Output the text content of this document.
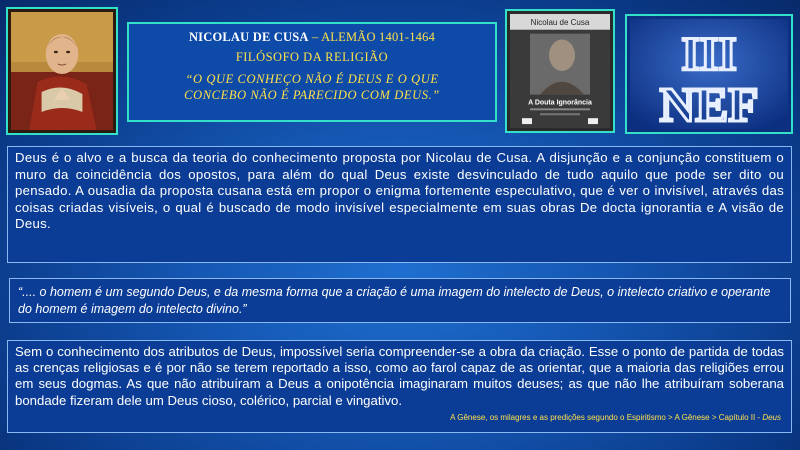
NICOLAU DE CUSA – ALEMÃO 1401-1464
FILÓSOFO DA RELIGIÃO
“O QUE CONHEÇO NÃO É DEUS E O QUE
CONCEBO NÃO É PARECIDO COM DEUS.”
Nicolau de Cusa
A Douta Ignorância
III
NEF
Deus é o alvo e a busca da teoria do conhecimento proposta por Nicolau de Cusa. A disjunção e a conjunção constituem o muro da coincidência dos opostos, para além do qual Deus existe desvinculado de tudo aquilo que pode ser dito ou pensado. A ousadia da proposta cusana está em propor o enigma fortemente especulativo, que é ver o invisível, através das coisas criadas visíveis, o qual é buscado de modo invisível especialmente em suas obras De docta ignorantia e A visão de Deus.
“.... o homem é um segundo Deus, e da mesma forma que a criação é uma imagem do intelecto de Deus, o intelecto criativo e operante do homem é imagem do intelecto divino.”
Sem o conhecimento dos atributos de Deus, impossível seria compreender-se a obra da criação. Esse o ponto de partida de todas as crenças religiosas e é por não se terem reportado a isso, como ao farol capaz de as orientar, que a maioria das religiões errou em seus dogmas. As que não atribuíram a Deus a onipotência imaginaram muitos deuses; as que não lhe atribuíram soberana bondade fizeram dele um Deus cioso, colérico, parcial e vingativo.
A Gênese, os milagres e as predições segundo o Espiritismo > A Gênese > Capítulo II - Deus
